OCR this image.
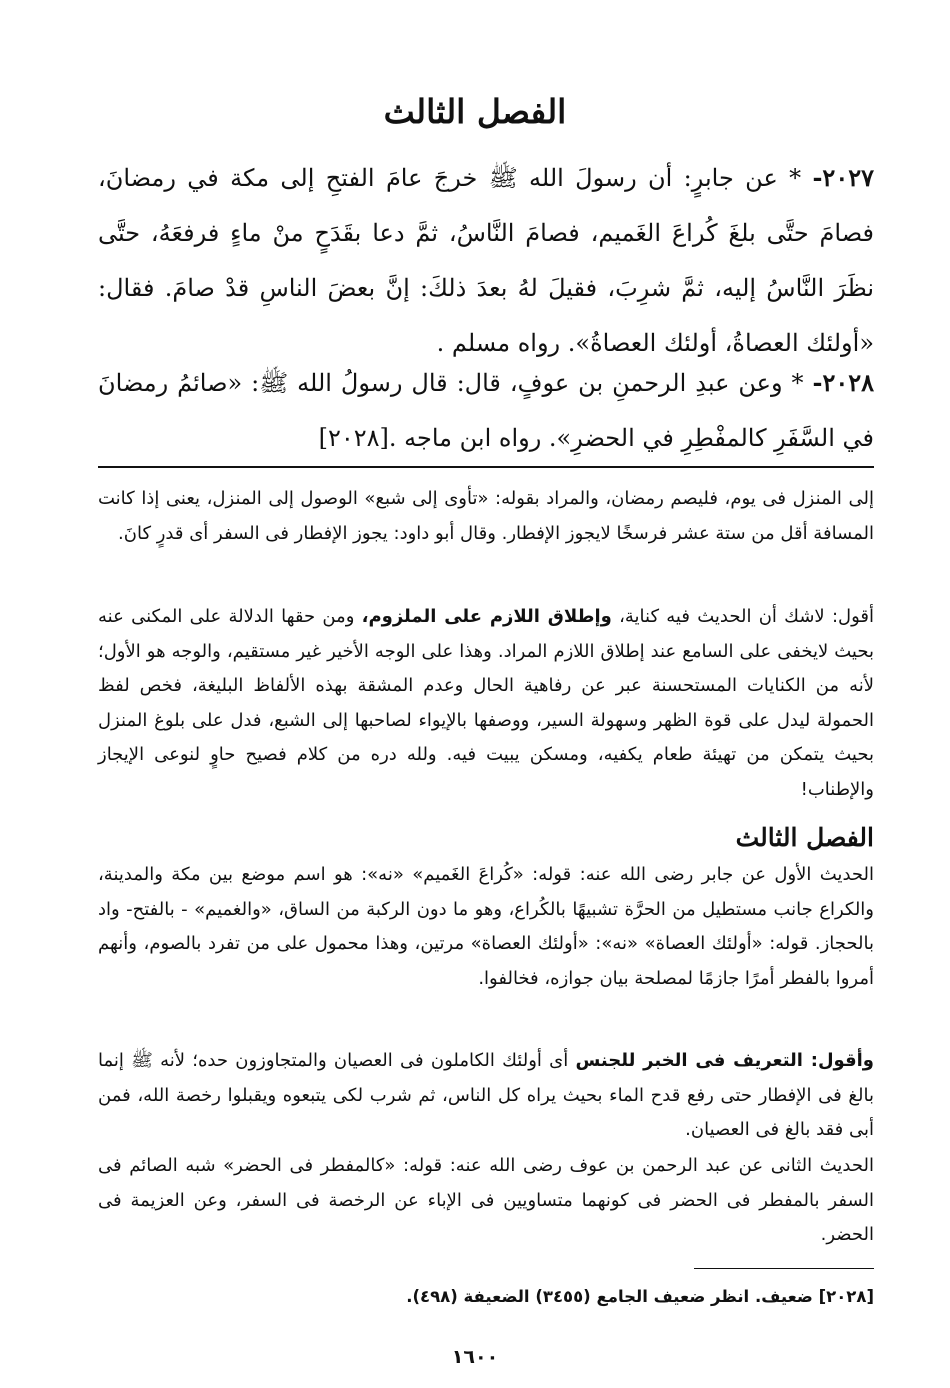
الفصل الثالث
٢٠٢٧- * عن جابرٍ: أن رسولَ الله ﷺ خرجَ عامَ الفتحِ إلى مكة في رمضانَ، فصامَ حتَّى بلغَ كُراعَ الغَميم، فصامَ النَّاسُ، ثمَّ دعا بقَدَحٍ منْ ماءٍ فرفعَهُ، حتَّى نظَرَ النَّاسُ إليه، ثمَّ شرِبَ، فقيلَ لهُ بعدَ ذلكَ: إنَّ بعضَ الناسِ قدْ صامَ. فقال: «أولئك العصاةُ، أولئك العصاةُ». رواه مسلم .
٢٠٢٨- * وعن عبدِ الرحمنِ بن عوفٍ، قال: قال رسولُ الله ﷺ: «صائمُ رمضانَ في السَّفَرِ كالمفْطِرِ في الحضرِ». رواه ابن ماجه .[٢٠٢٨]
إلى المنزل فى يوم، فليصم رمضان، والمراد بقوله: «تأوى إلى شبع» الوصول إلى المنزل، يعنى إذا كانت المسافة أقل من ستة عشر فرسخًا لايجوز الإفطار. وقال أبو داود: يجوز الإفطار فى السفر أى قدرٍ كانَ.
أقول: لاشك أن الحديث فيه كناية، وإطلاق اللازم على الملزوم، ومن حقها الدلالة على المكنى عنه بحيث لايخفى على السامع عند إطلاق اللازم المراد. وهذا على الوجه الأخير غير مستقيم، والوجه هو الأول؛ لأنه من الكنايات المستحسنة عبر عن رفاهية الحال وعدم المشقة بهذه الألفاظ البليغة، فخص لفظ الحمولة ليدل على قوة الظهر وسهولة السير، ووصفها بالإيواء لصاحبها إلى الشبع، فدل على بلوغ المنزل بحيث يتمكن من تهيئة طعام يكفيه، ومسكن يبيت فيه. ولله دره من كلام فصيح حاوٍ لنوعى الإيجاز والإطناب!
الفصل الثالث
الحديث الأول عن جابر رضى الله عنه: قوله: «كُراعَ الغَميم» «نه»: هو اسم موضع بين مكة والمدينة، والكراع جانب مستطيل من الحرَّة تشبيهًا بالكُراع، وهو ما دون الركبة من الساق، «والغميم» - بالفتح- واد بالحجاز. قوله: «أولئك العصاة» «نه»: «أولئك العصاة» مرتين، وهذا محمول على من تفرد بالصوم، وأنهم أمروا بالفطر أمرًا جازمًا لمصلحة بيان جوازه، فخالفوا.
وأقول: التعريف فى الخبر للجنس أى أولئك الكاملون فى العصيان والمتجاوزون حده؛ لأنه ﷺ إنما بالغ فى الإفطار حتى رفع قدح الماء بحيث يراه كل الناس، ثم شرب لكى يتبعوه ويقبلوا رخصة الله، فمن أبى فقد بالغ فى العصيان.
الحديث الثانى عن عبد الرحمن بن عوف رضى الله عنه: قوله: «كالمفطر فى الحضر» شبه الصائم فى السفر بالمفطر فى الحضر فى كونهما متساويين فى الإباء عن الرخصة فى السفر، وعن العزيمة فى الحضر.
[٢٠٢٨] ضعيف. انظر ضعيف الجامع (٣٤٥٥) الضعيفة (٤٩٨).
١٦٠٠
